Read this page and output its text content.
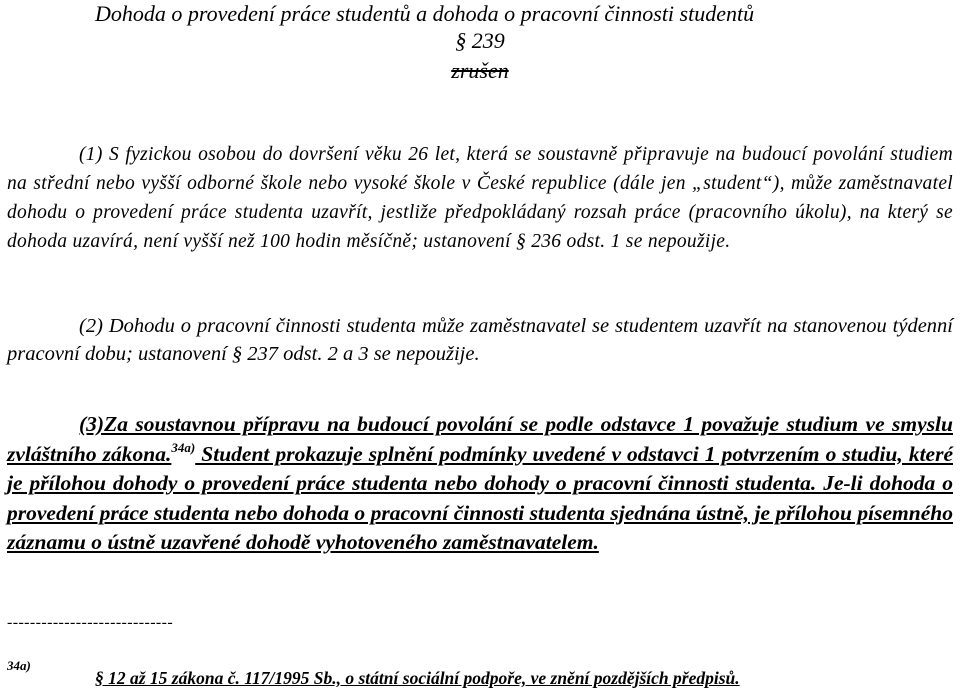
Dohoda o provedení práce studentů a dohoda o pracovní činnosti studentů
§ 239
zrušen

(1) S fyzickou osobou do dovršení věku 26 let, která se soustavně připravuje na budoucí povolání studiem na střední nebo vyšší odborné škole nebo vysoké škole v České republice (dále jen „student“), může zaměstnavatel dohodu o provedení práce studenta uzavřít, jestliže předpokládaný rozsah práce (pracovního úkolu), na který se dohoda uzavírá, není vyšší než 100 hodin měsíčně; ustanovení § 236 odst. 1 se nepoužije.

(2) Dohodu o pracovní činnosti studenta může zaměstnavatel se studentem uzavřít na stanovenou týdenní pracovní dobu; ustanovení § 237 odst. 2 a 3 se nepoužije.

(3)Za soustavnou přípravu na budoucí povolání se podle odstavce 1 považuje studium ve smyslu zvláštního zákona.$^{34a)}$ Student prokazuje splnění podmínky uvedené v odstavci 1 potvrzením o studiu, které je přílohou dohody o provedení práce studenta nebo dohody o pracovní činnosti studenta. Je-li dohoda o provedení práce studenta nebo dohoda o pracovní činnosti studenta sjednána ústně, je přílohou písemného záznamu o ústně uzavřené dohodě vyhotoveného zaměstnavatelem.

-----------------------------
34a)
§ 12 až 15 zákona č. 117/1995 Sb., o státní sociální podpoře, ve znění pozdějších předpisů.
